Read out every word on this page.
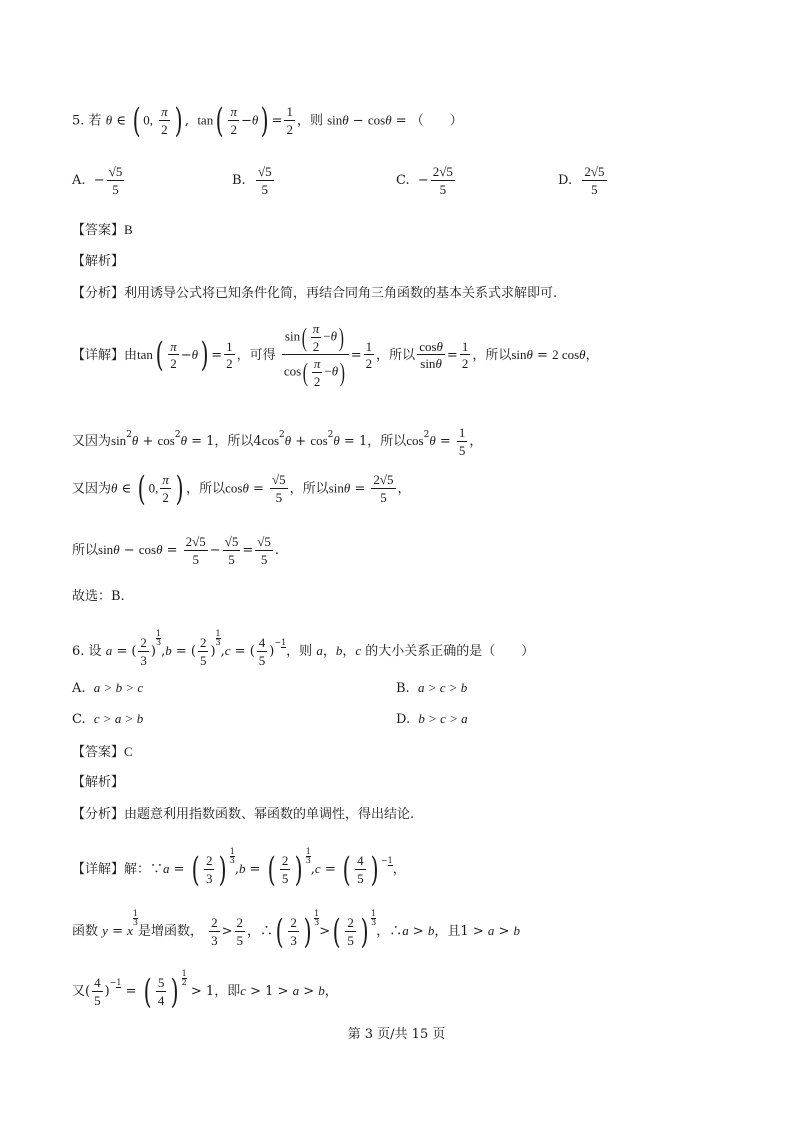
5. 若 θ ∈ ( 0, $\frac{\pi}{2}$ ) ,  $\tan( \frac{\pi}{2} -\theta) = \frac{1}{2}$ ，则 sinθ − cosθ = （　　）
A. − $\frac{√5}{5}$	B. $\frac{√5}{5}$	C. − $\frac{2√5}{5}$	D. $\frac{2√5}{5}$
【答案】B
【解析】
【分析】利用诱导公式将已知条件化简，再结合同角三角函数的基本关系式求解即可.
【详解】由$\tan( \frac{\pi}{2} -\theta) = \frac{1}{2}$ ，可得 $\frac{\sin( \frac{\pi}{2} -\theta)}{\cos( \frac{\pi}{2} -\theta)} = \frac{1}{2}$ ，所以 $\frac{\cos\theta}{\sin\theta} = \frac{1}{2}$ ，所以sinθ = 2 cosθ，
又因为$\sin^2\theta + \cos^2\theta = 1$，所以$4\cos^2\theta + \cos^2\theta = 1$，所以$\cos^2\theta = \frac{1}{5}$ ，
又因为θ ∈ ( 0, $\frac{\pi}{2}$ ) ，所以$\cos\theta = \frac{√5}{5}$ ，所以$\sin\theta = \frac{2√5}{5}$ ，
所以$\sin\theta - \cos\theta = \frac{2√5}{5} - \frac{√5}{5} = \frac{√5}{5}$ .
故选：B.
6. 设 a = ( $\frac{2}{3}$ )
$\frac{1}{3}$
,b = ( $\frac{2}{5}$ )
$\frac{1}{3}$
,c = ( $\frac{4}{5} )-1$，则 a，b，c 的大小关系正确的是（　　）
A. a > b > c	B. a > c > b
C. c > a > b	D. b > c > a
【答案】C
【解析】
【分析】由题意利用指数函数、幂函数的单调性，得出结论.
【详解】解：∵a = ( $\frac{2}{3}$ ) $\frac{1}{3}$
,b = ( $\frac{2}{5}$ ) $\frac{1}{3}$
,c = ( $\frac{4}{5}$ ) −1，
函数 y = x
$\frac{1}{3}$
是增函数， $\frac{2}{3} > \frac{2}{5}$ ，∴( $\frac{2}{3}$ ) $\frac{1}{3}$
>( $\frac{2}{5}$ ) $\frac{1}{3}$
，∴a > b，且1 > a > b
又( $\frac{4}{5} )-1$ = ( $\frac{5}{4}$ ) $\frac{1}{2}$
> 1，即c > 1 > a > b，
第 3 页/共 15 页
